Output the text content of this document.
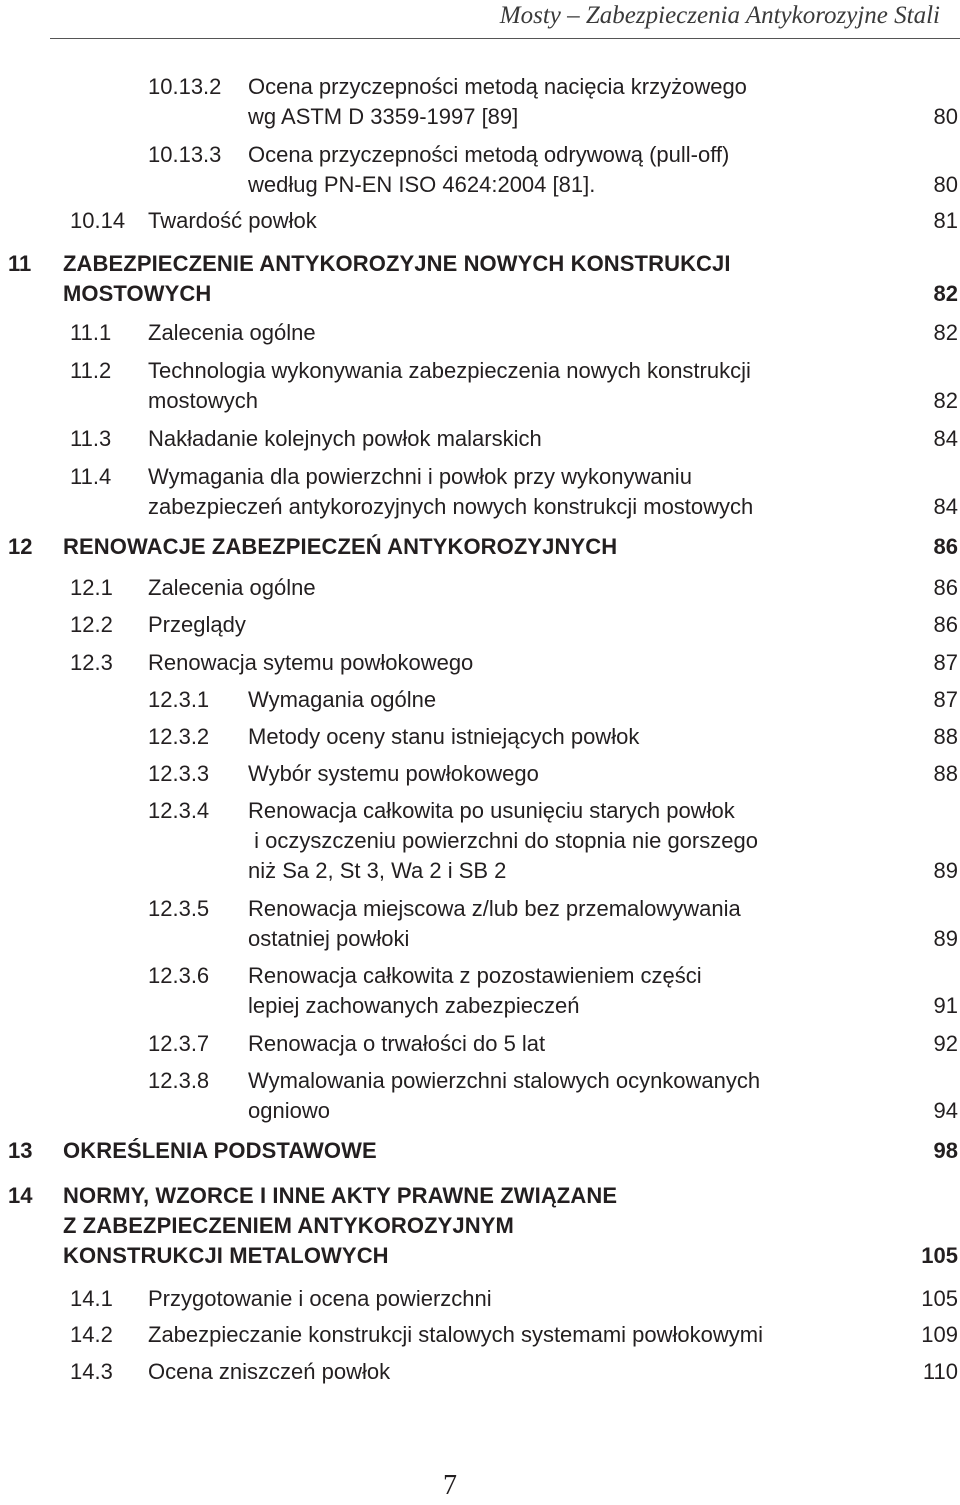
Mosty – Zabezpieczenia Antykorozyjne Stali
10.13.2 Ocena przyczepności metodą nacięcia krzyżowego
wg ASTM D 3359-1997 [89]	80
10.13.3 Ocena przyczepności metodą odrywową (pull-off)
według PN-EN ISO 4624:2004 [81].	80
10.14 Twardość powłok	81
11 ZABEZPIECZENIE ANTYKOROZYJNE NOWYCH KONSTRUKCJI
MOSTOWYCH	82
11.1 Zalecenia ogólne	82
11.2 Technologia wykonywania zabezpieczenia nowych konstrukcji
mostowych	82
11.3 Nakładanie kolejnych powłok malarskich	84
11.4 Wymagania dla powierzchni i powłok przy wykonywaniu
zabezpieczeń antykorozyjnych nowych konstrukcji mostowych	84
12 RENOWACJE ZABEZPIECZEŃ ANTYKOROZYJNYCH	86
12.1 Zalecenia ogólne	86
12.2 Przeglądy	86
12.3 Renowacja sytemu powłokowego	87
12.3.1 Wymagania ogólne	87
12.3.2 Metody oceny stanu istniejących powłok	88
12.3.3 Wybór systemu powłokowego	88
12.3.4 Renowacja całkowita po usunięciu starych powłok
i oczyszczeniu powierzchni do stopnia nie gorszego
niż Sa 2, St 3, Wa 2 i SB 2	89
12.3.5 Renowacja miejscowa z/lub bez przemalowywania
ostatniej powłoki	89
12.3.6 Renowacja całkowita z pozostawieniem części
lepiej zachowanych zabezpieczeń	91
12.3.7 Renowacja o trwałości do 5 lat	92
12.3.8 Wymalowania powierzchni stalowych ocynkowanych
ogniowo	94
13 OKREŚLENIA PODSTAWOWE	98
14 NORMY, WZORCE I INNE AKTY PRAWNE ZWIĄZANE
Z ZABEZPIECZENIEM ANTYKOROZYJNYM
KONSTRUKCJI METALOWYCH	105
14.1 Przygotowanie i ocena powierzchni	105
14.2 Zabezpieczanie konstrukcji stalowych systemami powłokowymi	109
14.3 Ocena zniszczeń powłok	110
7
